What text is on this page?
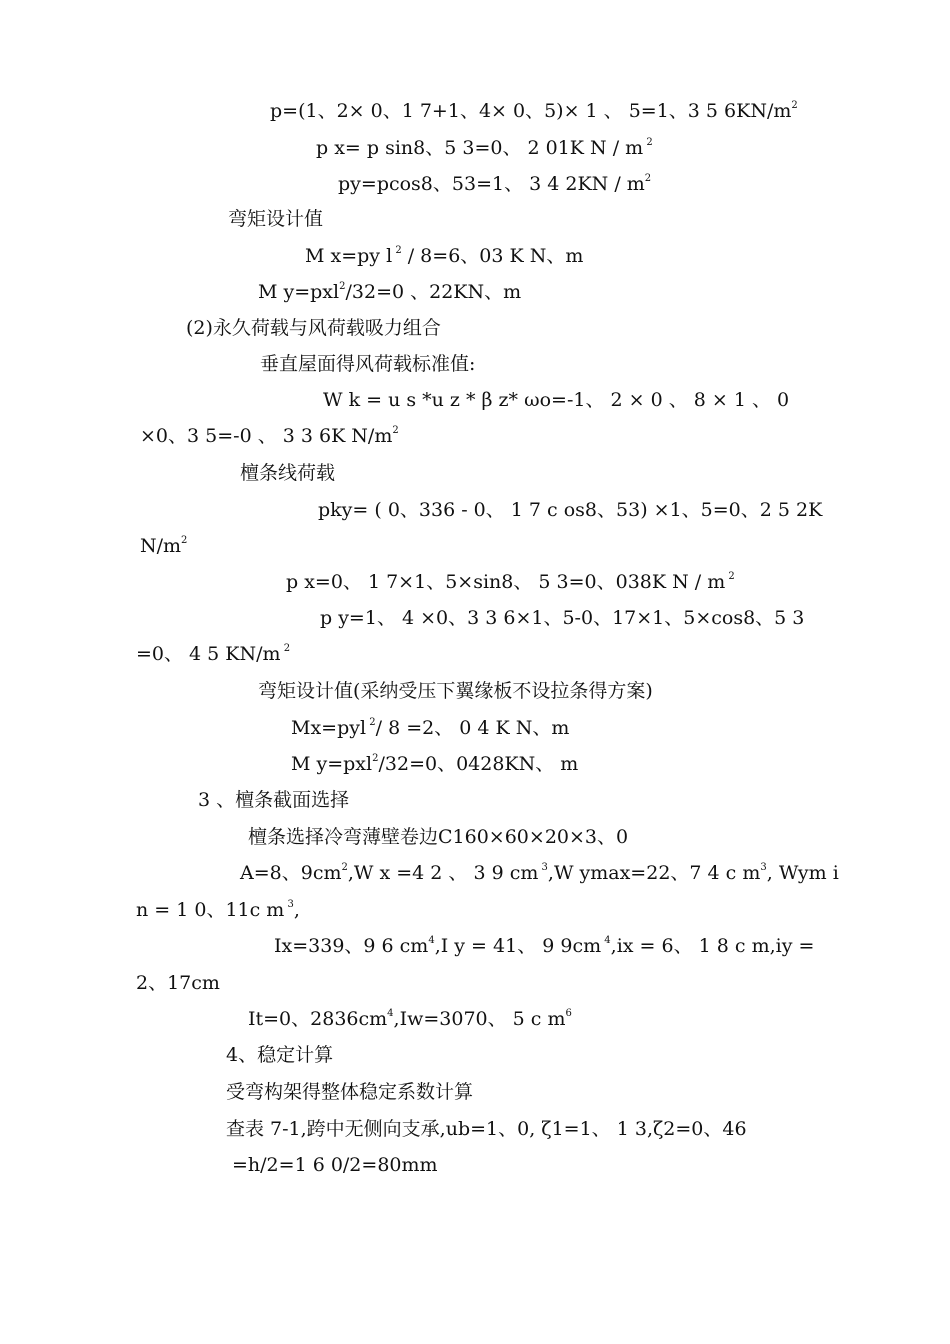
p=(1、2× 0、1 7+1、4× 0、5)× 1 、 5=1、3 5 $6KN/m^2$
p x= p sin8、5 3=0、 2 01K N / m $^2$
py=pcos8、53=1、 3 4 $2KN / m^2$
弯矩设计值
M x=py l $^2$ / 8=6、03 K N、m
M y=pxl$^2$/32=0 、22KN、m
(2)永久荷载与风荷载吸力组合
垂直屋面得风荷载标准值:
W k = u s *u z * β z* ωo=-1、 2 × 0 、 8 × 1 、 0
×0、3 5=-0 、 3 3 6K $N/m^2$
檀条线荷载
pky= ( 0、336 - 0、 1 7 c os8、53) ×1、5=0、2 5 2K
$N/m^2$
p x=0、 1 7×1、5×sin8、 5 3=0、038K N / m $^2$
p y=1、 4 ×0、3 3 6×1、5-0、17×1、5×cos8、5 3
=0、 4 5 KN/m $^2$
弯矩设计值(采纳受压下翼缘板不设拉条得方案)
Mx=pyl $^2$/ 8 =2、 0 4 K N、m
M y=pxl$^2$/32=0、0428KN、 m
3 、檀条截面选择
檀条选择冷弯薄壁卷边C160×60×20×3、0
A=8、$9cm^2,W$ x =4 2 、 3 9 cm $^3$,W ymax=22、7 4 c $m^3$, Wym i
n = 1 0、11c m $^3$,
Ix=339、9 6 $cm^4,I$ y = 41、 9 9cm $^4$,ix = 6、 1 8 c m,iy =
2、17cm
It=0、$2836cm^4,Iw=3070$、 5 c $m^6$
4、稳定计算
受弯构架得整体稳定系数计算
查表 7-1,跨中无侧向支承,ub=1、0, ζ1=1、 1 3,ζ2=0、46
=h/2=1 6 0/2=80mm
